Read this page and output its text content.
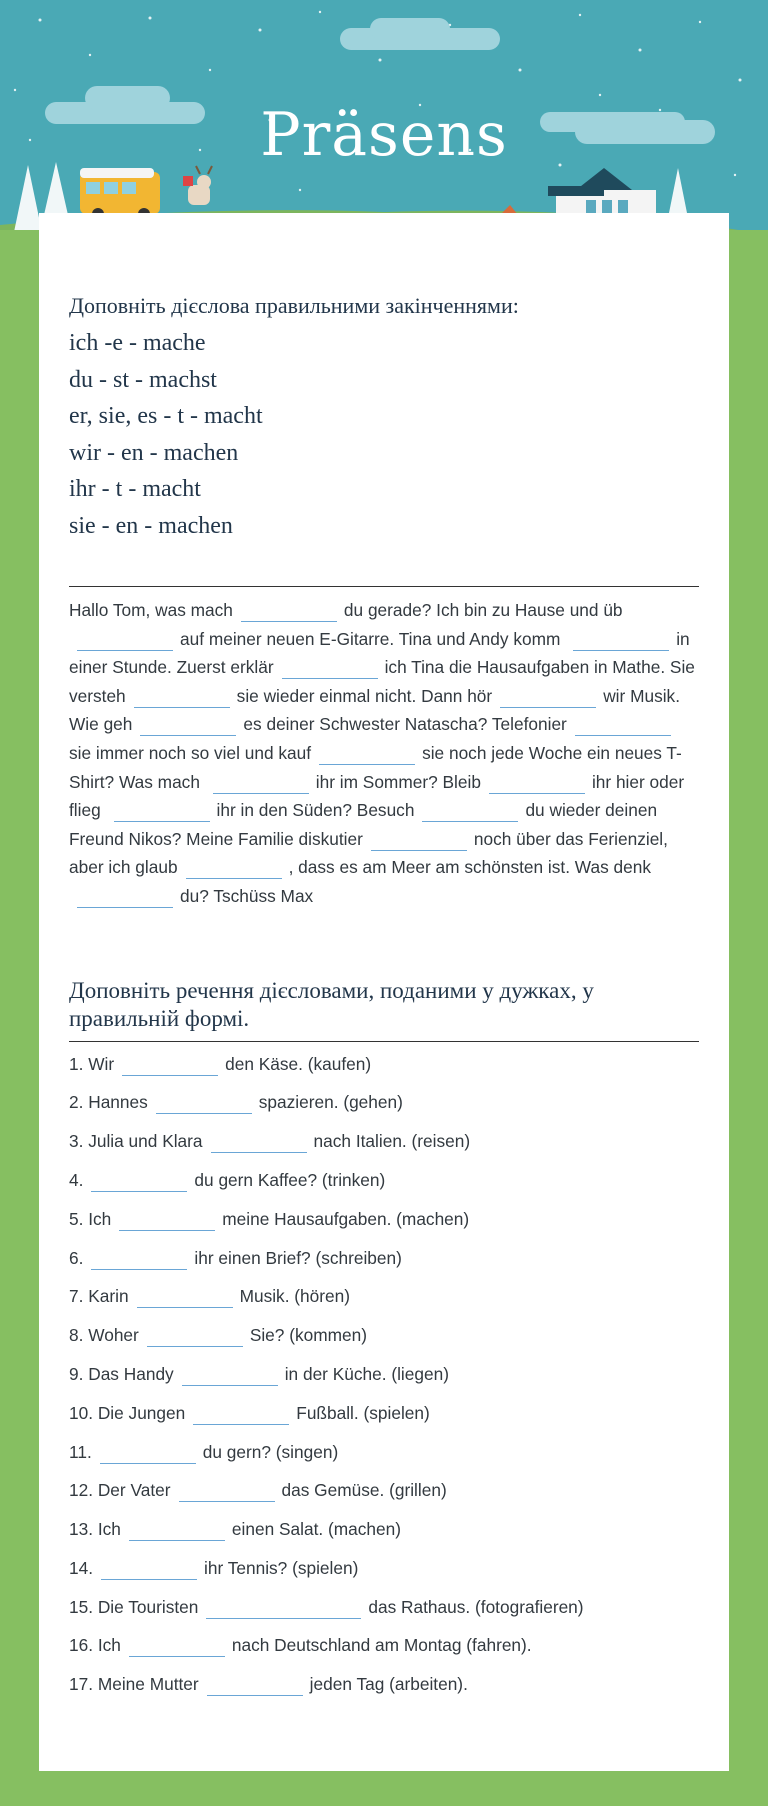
Präsens

Доповніть дієслова правильними закінченнями:

ich -e - mache

du - st - machst

er, sie, es - t - macht

wir - en - machen

ihr - t - macht

sie - en - machen

Hallo Tom, was mach	du gerade? Ich bin zu Hause und üb auf meiner neuen E-Gitarre. Tina und Andy komm	in einer Stunde. Zuerst erklär	ich Tina die Hausaufgaben in Mathe. Sie versteh	sie wieder einmal nicht. Dann hör	wir Musik. Wie geh	es deiner Schwester Natascha? Telefoniersie immer noch so viel und kauf	sie noch jede Woche ein neues T-Shirt? Was mach	ihr im Sommer? Bleib	ihr hier oder flieg	ihr in den Süden? Besuch	du wieder deinen Freund Nikos? Meine Familie diskutier	noch über das Ferienziel, aber ich glaub	, dass es am Meer am schönsten ist. Was denkdu? Tschüss Max

Доповніть речення дієсловами, поданими у дужках, у правильній формі.

1. Wir	den Käse. (kaufen)
2. Hannes	spazieren. (gehen)
3. Julia und Klara	nach Italien. (reisen)
4.	du gern Kaffee? (trinken)
5. Ich	meine Hausaufgaben. (machen)
6.	ihr einen Brief? (schreiben)
7. Karin	Musik. (hören)
8. Woher	Sie? (kommen)
9. Das Handy	in der Küche. (liegen)
10. Die Jungen	Fußball. (spielen)
11.	du gern? (singen)
12. Der Vater	das Gemüse. (grillen)
13. Ich	einen Salat. (machen)
14.	ihr Tennis? (spielen)
15. Die Touristen	das Rathaus. (fotografieren)
16. Ich	nach Deutschland am Montag (fahren).
17. Meine Mutter	jeden Tag (arbeiten).
